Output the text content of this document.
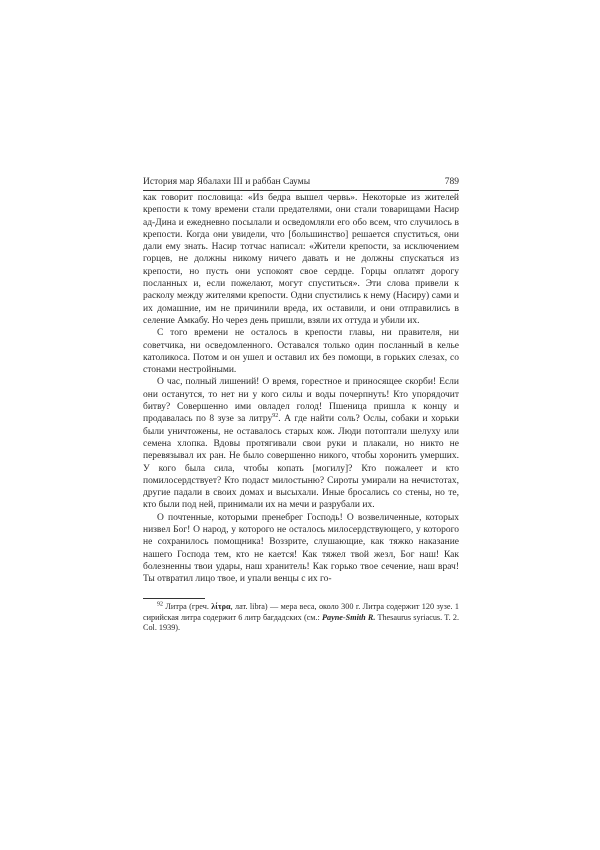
История мар Ябалахи III и раббан Саумы	789

как говорит пословица: «Из бедра вышел червь». Некоторые из жителей крепости к тому времени стали предателями, они стали товарищами Насир ад-Дина и ежедневно посылали и осведомляли его обо всем, что случилось в крепости. Когда они увидели, что [большинство] решается спуститься, они дали ему знать. Насир тотчас написал: «Жители крепости, за исключением горцев, не должны никому ничего давать и не должны спускаться из крепости, но пусть они успокоят свое сердце. Горцы оплатят дорогу посланных и, если пожелают, могут спуститься». Эти слова привели к расколу между жителями крепости. Одни спустились к нему (Насиру) сами и их домашние, им не причинили вреда, их оставили, и они отправились в селение Амкабу. Но через день пришли, взяли их оттуда и убили их.

С того времени не осталось в крепости главы, ни правителя, ни советчика, ни осведомленного. Оставался только один посланный в келье католикоса. Потом и он ушел и оставил их без помощи, в горьких слезах, со стонами нестройными.

О час, полный лишений! О время, горестное и приносящее скорби! Если они останутся, то нет ни у кого силы и воды почерпнуть! Кто упорядочит битву? Совершенно ими овладел голод! Пшеница пришла к концу и продавалась по 8 зузе за литру$^{92}$. А где найти соль? Ослы, собаки и хорьки были уничтожены, не оставалось старых кож. Люди потоптали шелуху или семена хлопка. Вдовы протягивали свои руки и плакали, но никто не перевязывал их ран. Не было совершенно никого, чтобы хоронить умерших. У кого была сила, чтобы копать [могилу]? Кто пожалеет и кто помилосердствует? Кто подаст милостыню? Сироты умирали на нечистотах, другие падали в своих домах и высыхали. Иные бросались со стены, но те, кто были под ней, принимали их на мечи и разрубали их.

О почтенные, которыми пренебрег Господь! О возвеличенные, которых низвел Бог! О народ, у которого не осталось милосердствующего, у которого не сохранилось помощника! Воззрите, слушающие, как тяжко наказание нашего Господа тем, кто не кается! Как тяжел твой жезл, Бог наш! Как болезненны твои удары, наш хранитель! Как горько твое сечение, наш врач! Ты отвратил лицо твое, и упали венцы с их го-

$^{92}$ Литра (греч. λίτρα, лат. libra) — мера веса, около 300 г. Литра содержит 120 зузе. 1 сирийская литра содержит 6 литр багдадских (см.: Payne-Smith R. Thesaurus syriacus. T. 2. Col. 1939).
